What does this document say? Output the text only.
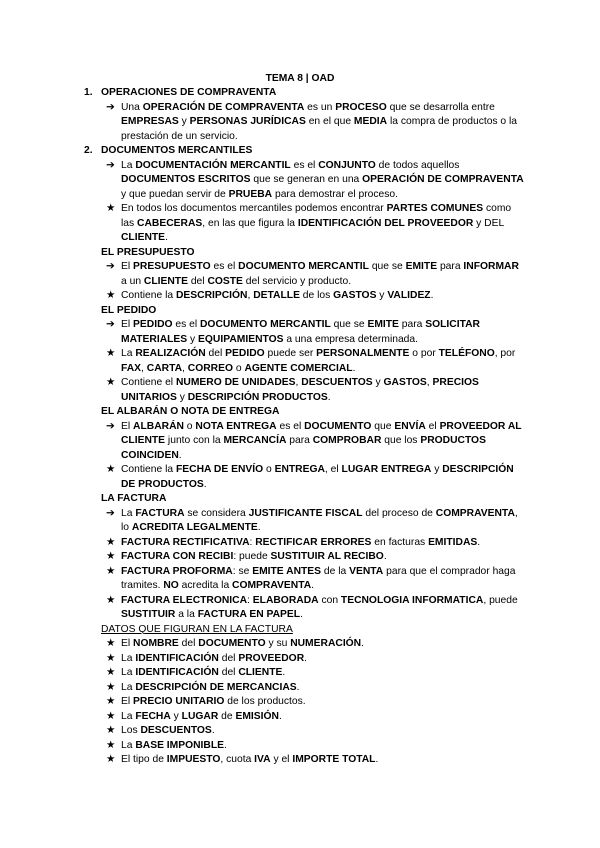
TEMA 8 | OAD
1. OPERACIONES DE COMPRAVENTA
➔ Una OPERACIÓN DE COMPRAVENTA es un PROCESO que se desarrolla entre EMPRESAS y PERSONAS JURÍDICAS en el que MEDIA la compra de productos o la prestación de un servicio.
2. DOCUMENTOS MERCANTILES
➔ La DOCUMENTACIÓN MERCANTIL es el CONJUNTO de todos aquellos DOCUMENTOS ESCRITOS que se generan en una OPERACIÓN DE COMPRAVENTA y que puedan servir de PRUEBA para demostrar el proceso.
★ En todos los documentos mercantiles podemos encontrar PARTES COMUNES como las CABECERAS, en las que figura la IDENTIFICACIÓN DEL PROVEEDOR y DEL CLIENTE.
EL PRESUPUESTO
➔ El PRESUPUESTO es el DOCUMENTO MERCANTIL que se EMITE para INFORMAR a un CLIENTE del COSTE del servicio y producto.
★ Contiene la DESCRIPCIÓN, DETALLE de los GASTOS y VALIDEZ.
EL PEDIDO
➔ El PEDIDO es el DOCUMENTO MERCANTIL que se EMITE para SOLICITAR MATERIALES y EQUIPAMIENTOS a una empresa determinada.
★ La REALIZACIÓN del PEDIDO puede ser PERSONALMENTE o por TELÉFONO, por FAX, CARTA, CORREO o AGENTE COMERCIAL.
★ Contiene el NUMERO DE UNIDADES, DESCUENTOS y GASTOS, PRECIOS UNITARIOS y DESCRIPCIÓN PRODUCTOS.
EL ALBARÁN O NOTA DE ENTREGA
➔ El ALBARÁN o NOTA ENTREGA es el DOCUMENTO que ENVÍA el PROVEEDOR AL CLIENTE junto con la MERCANCÍA para COMPROBAR que los PRODUCTOS COINCIDEN.
★ Contiene la FECHA DE ENVÍO o ENTREGA, el LUGAR ENTREGA y DESCRIPCIÓN DE PRODUCTOS.
LA FACTURA
➔ La FACTURA se considera JUSTIFICANTE FISCAL del proceso de COMPRAVENTA, lo ACREDITA LEGALMENTE.
★ FACTURA RECTIFICATIVA: RECTIFICAR ERRORES en facturas EMITIDAS.
★ FACTURA CON RECIBI: puede SUSTITUIR AL RECIBO.
★ FACTURA PROFORMA: se EMITE ANTES de la VENTA para que el comprador haga tramites. NO acredita la COMPRAVENTA.
★ FACTURA ELECTRONICA: ELABORADA con TECNOLOGIA INFORMATICA, puede SUSTITUIR a la FACTURA EN PAPEL.
DATOS QUE FIGURAN EN LA FACTURA
★ El NOMBRE del DOCUMENTO y su NUMERACIÓN.
★ La IDENTIFICACIÓN del PROVEEDOR.
★ La IDENTIFICACIÓN del CLIENTE.
★ La DESCRIPCIÓN DE MERCANCIAS.
★ El PRECIO UNITARIO de los productos.
★ La FECHA y LUGAR de EMISIÓN.
★ Los DESCUENTOS.
★ La BASE IMPONIBLE.
★ El tipo de IMPUESTO, cuota IVA y el IMPORTE TOTAL.
